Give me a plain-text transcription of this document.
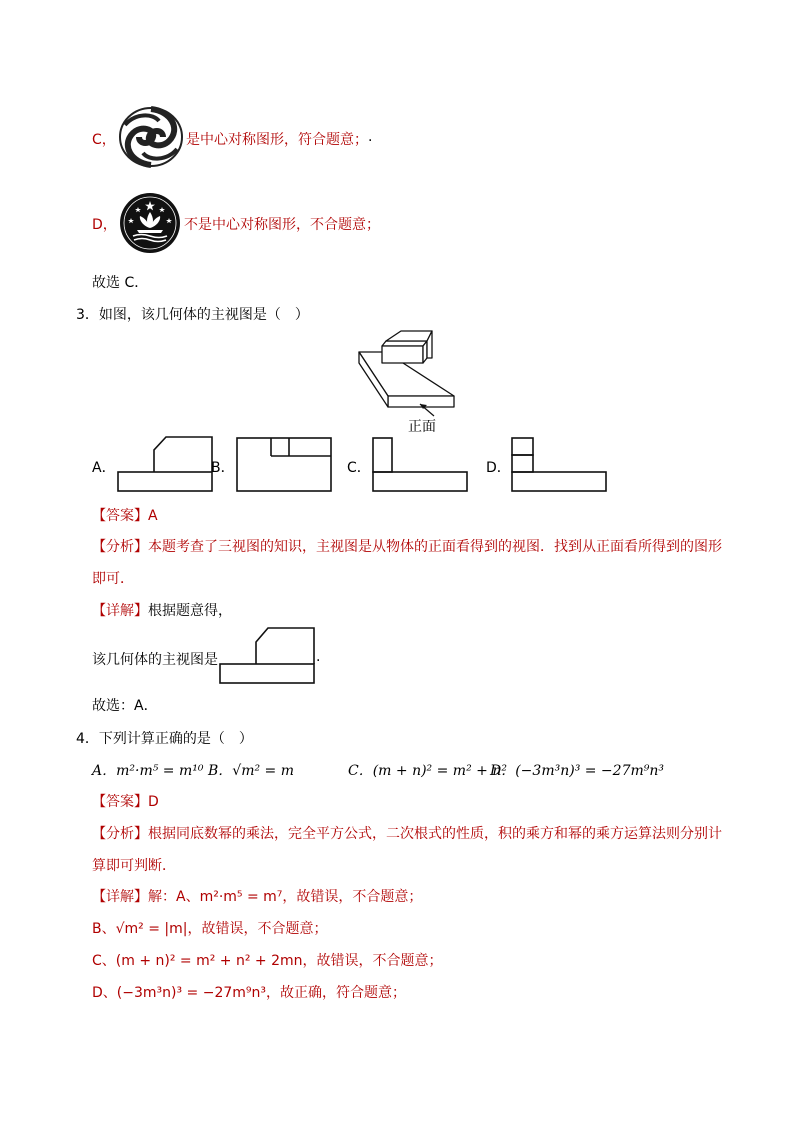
C，	是中心对称图形，符合题意； .
D，	不是中心对称图形，不合题意；
故选 C．
3．如图，该几何体的主视图是（　）
正面
A．	B．	C．	D．
【答案】A
【分析】本题考查了三视图的知识，主视图是从物体的正面看得到的视图．找到从正面看所得到的图形
即可．
【详解】根据题意得，
该几何体的主视图是	.
故选：A．
4．下列计算正确的是（　）
A．m²·m⁵ = m¹⁰ B．√m² = m	C．(m + n)² = m² + n²
D．(−3m³n)³ = −27m⁹n³
【答案】D
【分析】根据同底数幂的乘法，完全平方公式，二次根式的性质，积的乘方和幂的乘方运算法则分别计
算即可判断．
【详解】解：A、m²·m⁵ = m⁷，故错误，不合题意；
B、√m² = |m|，故错误，不合题意；
C、(m + n)² = m² + n² + 2mn，故错误，不合题意；
D、(−3m³n)³ = −27m⁹n³，故正确，符合题意；
